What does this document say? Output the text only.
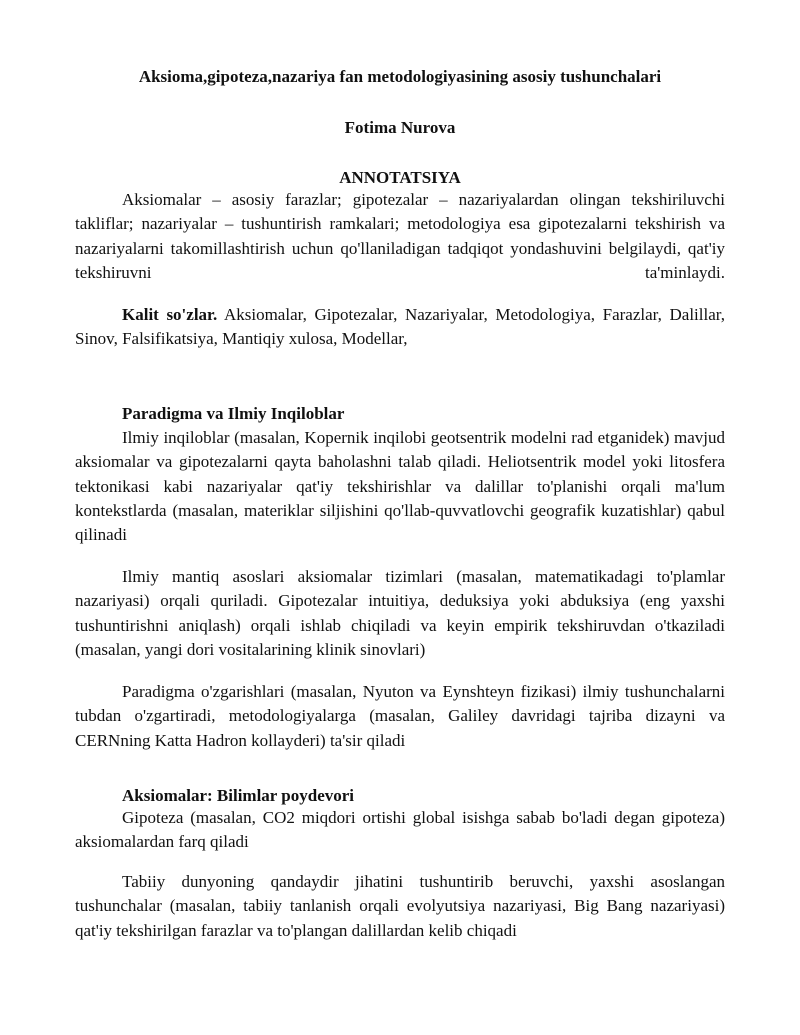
Aksioma,gipoteza,nazariya fan metodologiyasining asosiy tushunchalari
Fotima Nurova
ANNOTATSIYA

Aksiomalar – asosiy farazlar; gipotezalar – nazariyalardan olingan tekshiriluvchi takliflar; nazariyalar – tushuntirish ramkalari; metodologiya esa gipotezalarni tekshirish va nazariyalarni takomillashtirish uchun qo'llaniladigan tadqiqot yondashuvini belgilaydi, qat'iy tekshiruvni ta'minlaydi.

Kalit so'zlar. Aksiomalar, Gipotezalar, Nazariyalar, Metodologiya, Farazlar, Dalillar, Sinov, Falsifikatsiya, Mantiqiy xulosa, Modellar,

Paradigma va Ilmiy Inqiloblar

Ilmiy inqiloblar (masalan, Kopernik inqilobi geotsentrik modelni rad etganidek) mavjud aksiomalar va gipotezalarni qayta baholashni talab qiladi. Heliotsentrik model yoki litosfera tektonikasi kabi nazariyalar qat'iy tekshirishlar va dalillar to'planishi orqali ma'lum kontekstlarda (masalan, materiklar siljishini qo'llab-quvvatlovchi geografik kuzatishlar) qabul qilinadi

Ilmiy mantiq asoslari aksiomalar tizimlari (masalan, matematikadagi to'plamlar nazariyasi) orqali quriladi. Gipotezalar intuitiya, deduksiya yoki abduksiya (eng yaxshi tushuntirishni aniqlash) orqali ishlab chiqiladi va keyin empirik tekshiruvdan o'tkaziladi (masalan, yangi dori vositalarining klinik sinovlari)

Paradigma o'zgarishlari (masalan, Nyuton va Eynshteyn fizikasi) ilmiy tushunchalarni tubdan o'zgartiradi, metodologiyalarga (masalan, Galiley davridagi tajriba dizayni va CERNning Katta Hadron kollayderi) ta'sir qiladi

Aksiomalar: Bilimlar poydevori

Gipoteza (masalan, CO2 miqdori ortishi global isishga sabab bo'ladi degan gipoteza) aksiomalardan farq qiladi

Tabiiy dunyoning qandaydir jihatini tushuntirib beruvchi, yaxshi asoslangan tushunchalar (masalan, tabiiy tanlanish orqali evolyutsiya nazariyasi, Big Bang nazariyasi) qat'iy tekshirilgan farazlar va to'plangan dalillardan kelib chiqadi
